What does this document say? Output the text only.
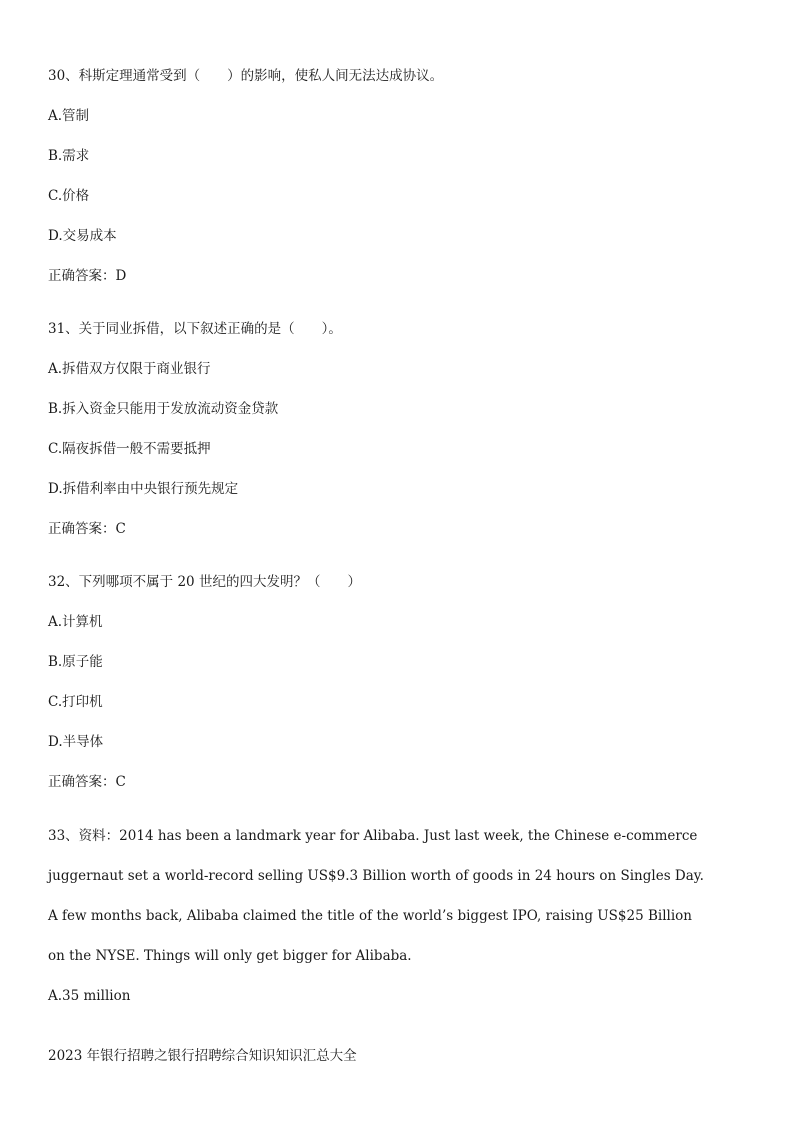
30、科斯定理通常受到（　　）的影响，使私人间无法达成协议。

A.管制

B.需求

C.价格

D.交易成本

正确答案：D

31、关于同业拆借，以下叙述正确的是（　　）。

A.拆借双方仅限于商业银行

B.拆入资金只能用于发放流动资金贷款

C.隔夜拆借一般不需要抵押

D.拆借利率由中央银行预先规定

正确答案：C

32、下列哪项不属于 20 世纪的四大发明？（　　）

A.计算机

B.原子能

C.打印机

D.半导体

正确答案：C

33、资料：2014 has been a landmark year for Alibaba. Just last week, the Chinese e-commerce

juggernaut set a world-record selling US$9.3 Billion worth of goods in 24 hours on Singles Day.

A few months back, Alibaba claimed the title of the world’s biggest IPO, raising US$25 Billion

on the NYSE. Things will only get bigger for Alibaba.

A.35 million

2023 年银行招聘之银行招聘综合知识知识汇总大全
